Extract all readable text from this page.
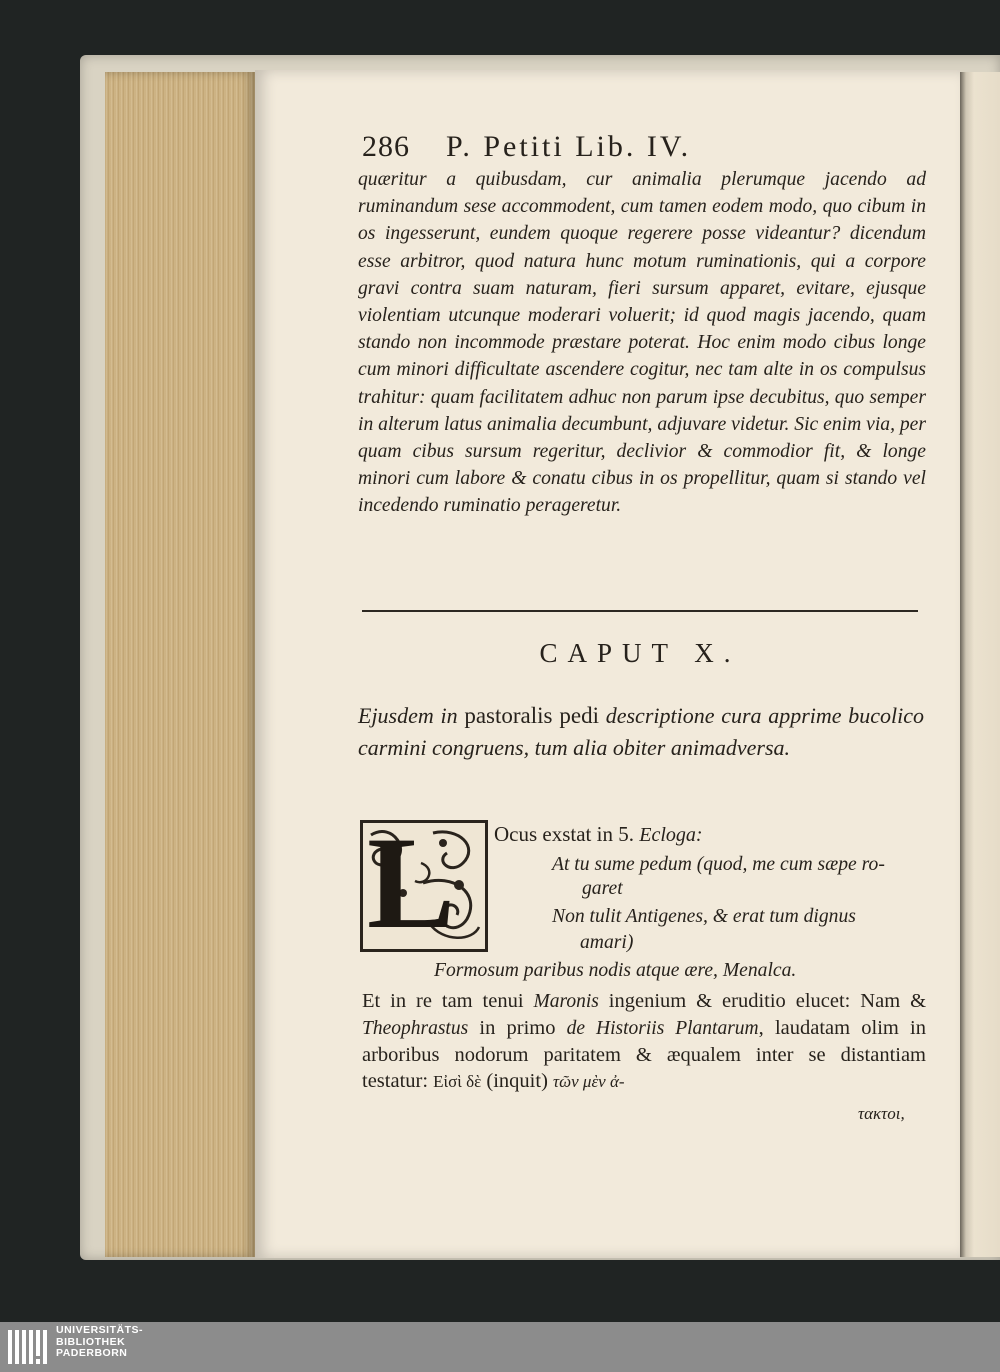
286 P. Petiti Lib. IV.
quæritur a quibusdam, cur animalia plerumque jacendo ad ruminandum sese accommodent, cum tamen eodem modo, quo cibum in os ingesserunt, eundem quoque regerere posse videantur? dicendum esse arbitror, quod natura hunc motum ruminationis, qui a corpore gravi contra suam naturam, fieri sursum apparet, evitare, ejusque violentiam utcunque moderari voluerit; id quod magis jacendo, quam stando non incommode præstare poterat. Hoc enim modo cibus longe cum minori difficultate ascendere cogitur, nec tam alte in os compulsus trahitur: quam facilitatem adhuc non parum ipse decubitus, quo semper in alterum latus animalia decumbunt, adjuvare videtur. Sic enim via, per quam cibus sursum regeritur, declivior & commodior fit, & longe minori cum labore & conatu cibus in os propellitur, quam si stando vel incedendo ruminatio perageretur.
CAPUT X.
Ejusdem in pastoralis pedi descriptione cura apprime bucolico carmini congruens, tum alia obiter animadversa.
L Ocus exstat in 5. Ecloga:
At tu sume pedum (quod, me cum sæpe ro-
garet
Non tulit Antigenes, & erat tum dignus
amari)
Formosum paribus nodis atque ære, Menalca.
Et in re tam tenui Maronis ingenium & eruditio elucet: Nam & Theophrastus in primo de Historiis Plantarum, laudatam olim in arboribus nodorum paritatem & æqualem inter se distantiam testatur: Εἰσὶ δὲ (inquit) τῶν μὲν ἀ-
τακτοι,
UNIVERSITÄTS-
BIBLIOTHEK
PADERBORN
